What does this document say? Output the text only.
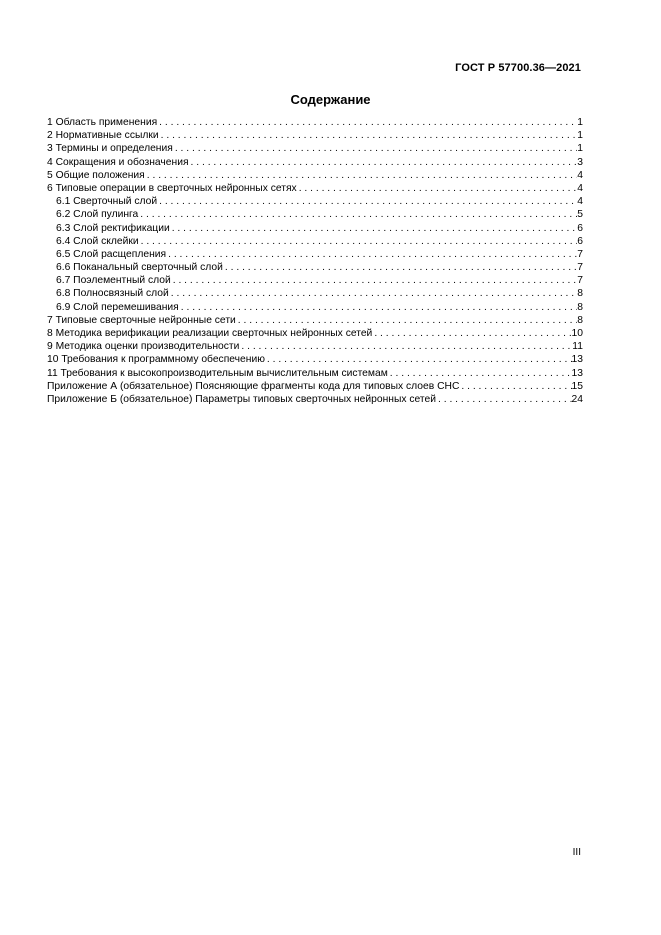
ГОСТ Р 57700.36—2021
Содержание
1 Область применения . . .	1
2 Нормативные ссылки . . .	1
3 Термины и определения . . .	1
4 Сокращения и обозначения . . .	3
5 Общие положения . . .	4
6 Типовые операции в сверточных нейронных сетях . . .	4
6.1 Сверточный слой . . .	4
6.2 Слой пулинга . . .	5
6.3 Слой ректификации . . .	6
6.4 Слой склейки . . .	6
6.5 Слой расщепления . . .	7
6.6 Поканальный сверточный слой . . .	7
6.7 Поэлементный слой . . .	7
6.8 Полносвязный слой . . .	8
6.9 Слой перемешивания . . .	8
7 Типовые сверточные нейронные сети . . .	8
8 Методика верификации реализации сверточных нейронных сетей . . .	10
9 Методика оценки производительности . . .	11
10 Требования к программному обеспечению . . .	13
11 Требования к высокопроизводительным вычислительным системам . . .	13
Приложение А (обязательное) Поясняющие фрагменты кода для типовых слоев СНС . . .	15
Приложение Б (обязательное) Параметры типовых сверточных нейронных сетей . . .	24
III
